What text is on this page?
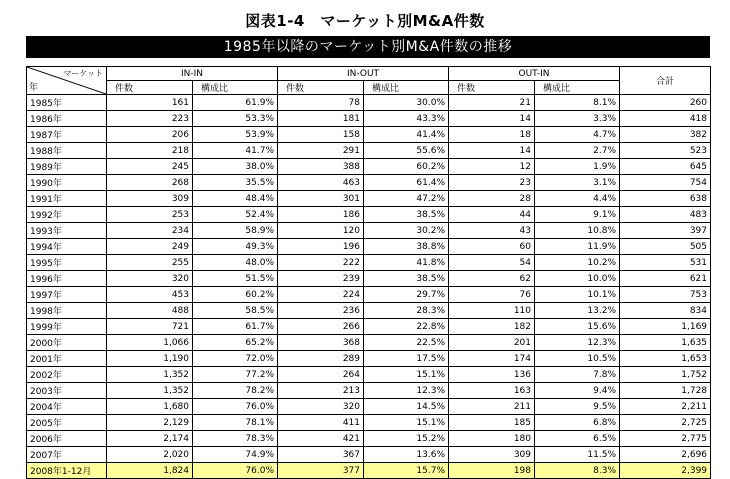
図表1-4　マーケット別M&A件数
1985年以降のマーケット別M&A件数の推移
マーケット
年	IN-IN		IN-OUT		OUT-IN		合計
	件数	構成比	件数	構成比	件数	構成比	
1985年	161	61.9%	78	30.0%	21	8.1%	260
1986年	223	53.3%	181	43.3%	14	3.3%	418
1987年	206	53.9%	158	41.4%	18	4.7%	382
1988年	218	41.7%	291	55.6%	14	2.7%	523
1989年	245	38.0%	388	60.2%	12	1.9%	645
1990年	268	35.5%	463	61.4%	23	3.1%	754
1991年	309	48.4%	301	47.2%	28	4.4%	638
1992年	253	52.4%	186	38.5%	44	9.1%	483
1993年	234	58.9%	120	30.2%	43	10.8%	397
1994年	249	49.3%	196	38.8%	60	11.9%	505
1995年	255	48.0%	222	41.8%	54	10.2%	531
1996年	320	51.5%	239	38.5%	62	10.0%	621
1997年	453	60.2%	224	29.7%	76	10.1%	753
1998年	488	58.5%	236	28.3%	110	13.2%	834
1999年	721	61.7%	266	22.8%	182	15.6%	1,169
2000年	1,066	65.2%	368	22.5%	201	12.3%	1,635
2001年	1,190	72.0%	289	17.5%	174	10.5%	1,653
2002年	1,352	77.2%	264	15.1%	136	7.8%	1,752
2003年	1,352	78.2%	213	12.3%	163	9.4%	1,728
2004年	1,680	76.0%	320	14.5%	211	9.5%	2,211
2005年	2,129	78.1%	411	15.1%	185	6.8%	2,725
2006年	2,174	78.3%	421	15.2%	180	6.5%	2,775
2007年	2,020	74.9%	367	13.6%	309	11.5%	2,696
2008年1-12月	1,824	76.0%	377	15.7%	198	8.3%	2,399
